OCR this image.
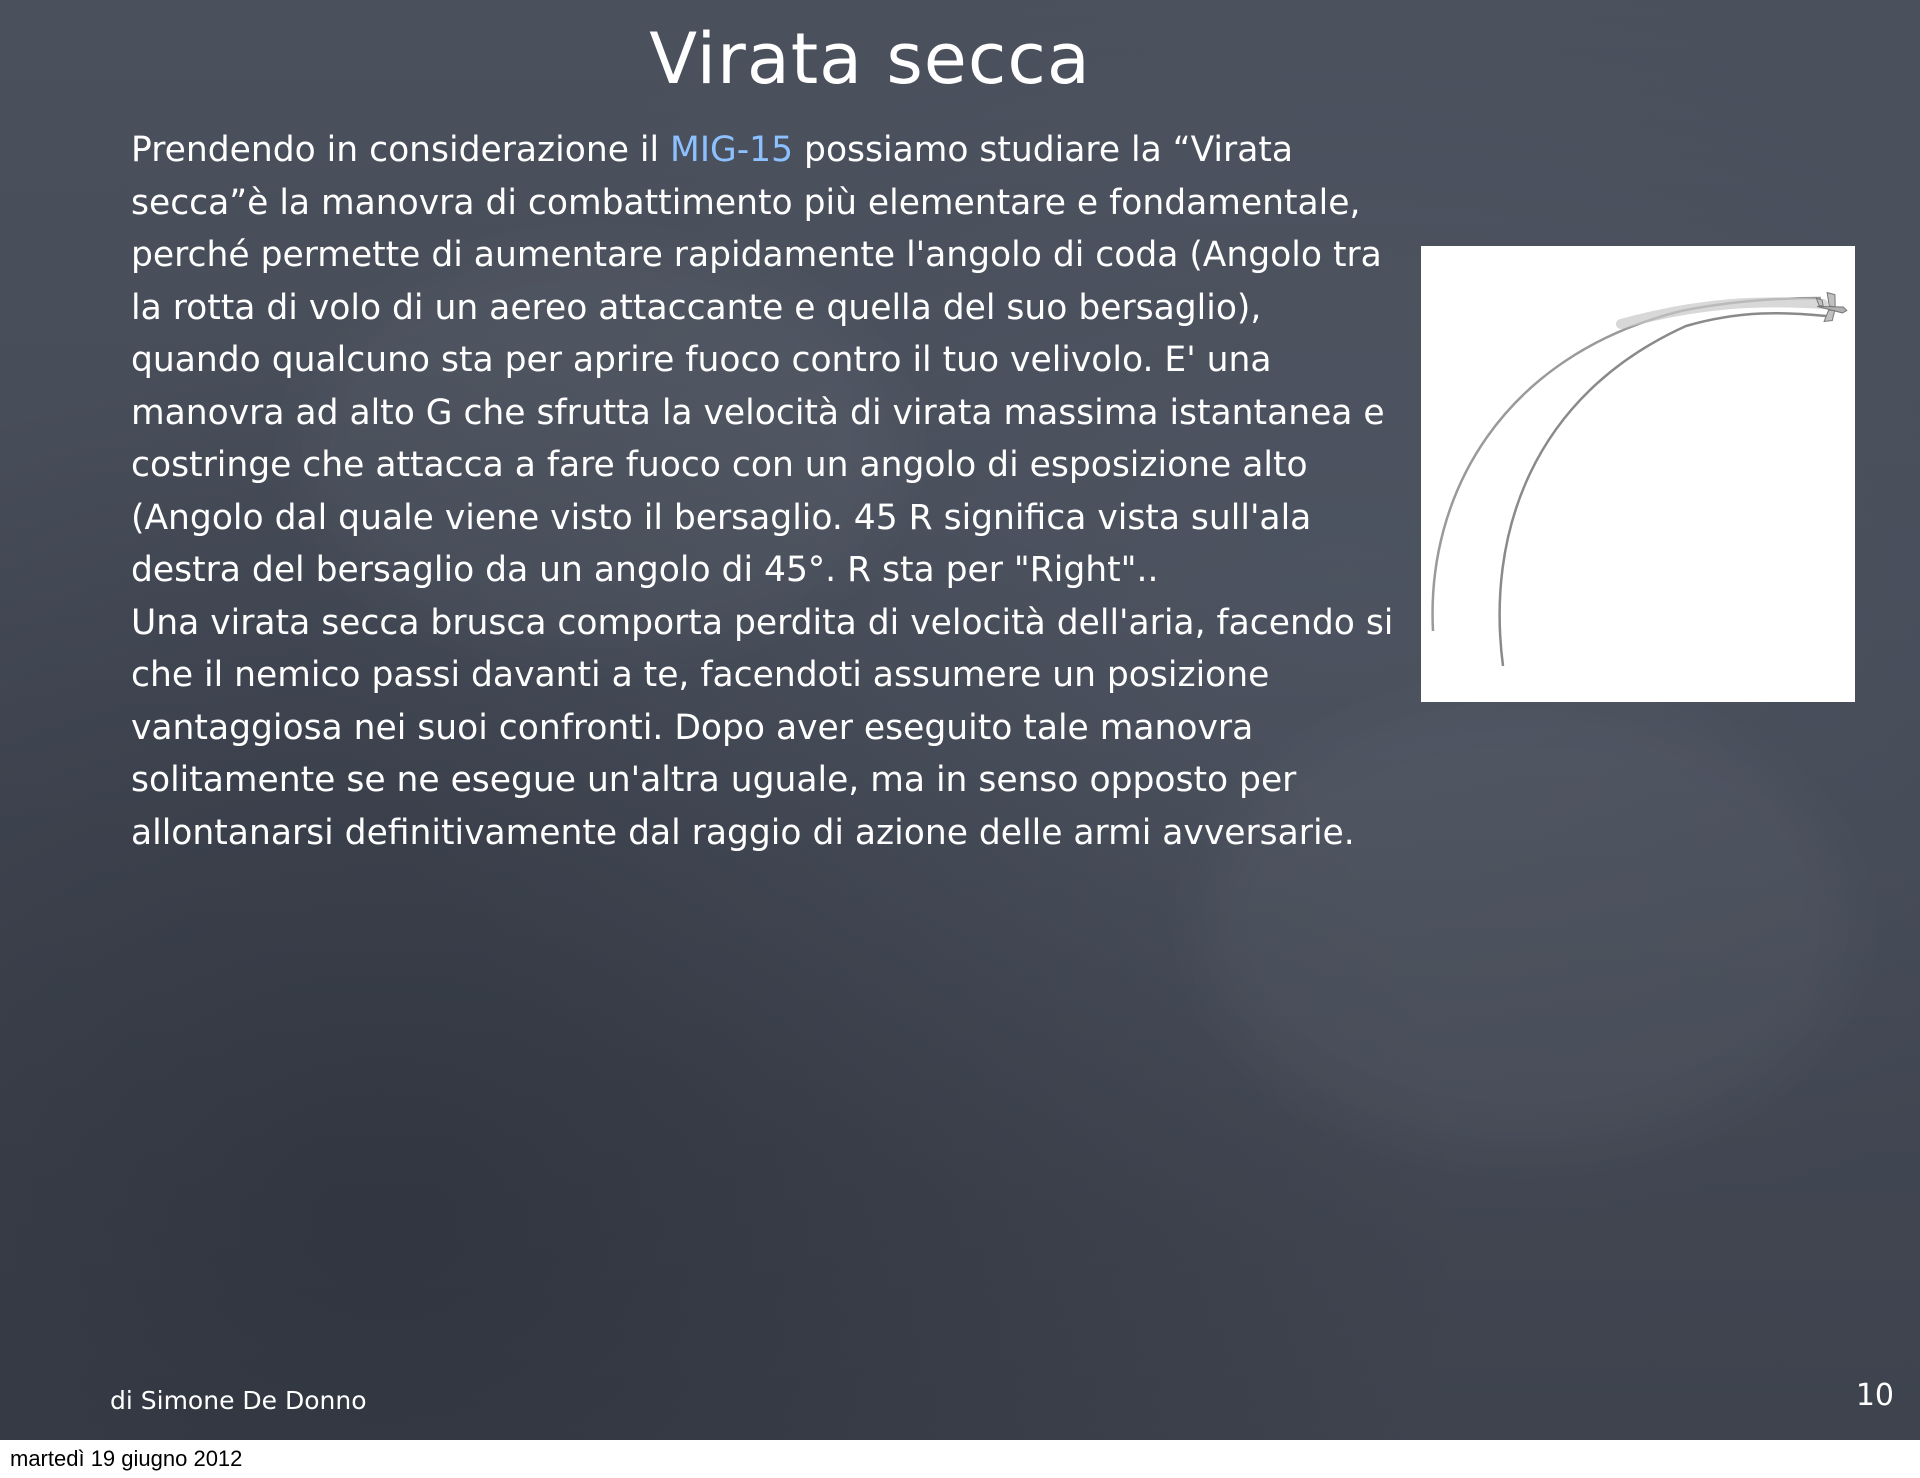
Virata secca

Prendendo in considerazione il MIG-15 possiamo studiare la “Virata secca”è la manovra di combattimento più elementare e fondamentale, perché permette di aumentare rapidamente l'angolo di coda (Angolo tra la rotta di volo di un aereo attaccante e quella del suo bersaglio), quando qualcuno sta per aprire fuoco contro il tuo velivolo. E' una manovra ad alto G che sfrutta la velocità di virata massima istantanea e costringe che attacca a fare fuoco con un angolo di esposizione alto (Angolo dal quale viene visto il bersaglio. 45 R significa vista sull'ala destra del bersaglio da un angolo di 45°. R sta per "Right"..

Una virata secca brusca comporta perdita di velocità dell'aria, facendo si che il nemico passi davanti a te, facendoti assumere un posizione vantaggiosa nei suoi confronti. Dopo aver eseguito tale manovra solitamente se ne esegue un'altra uguale, ma in senso opposto per allontanarsi definitivamente dal raggio di azione delle armi avversarie.

di Simone De Donno	10
martedì 19 giugno 2012
